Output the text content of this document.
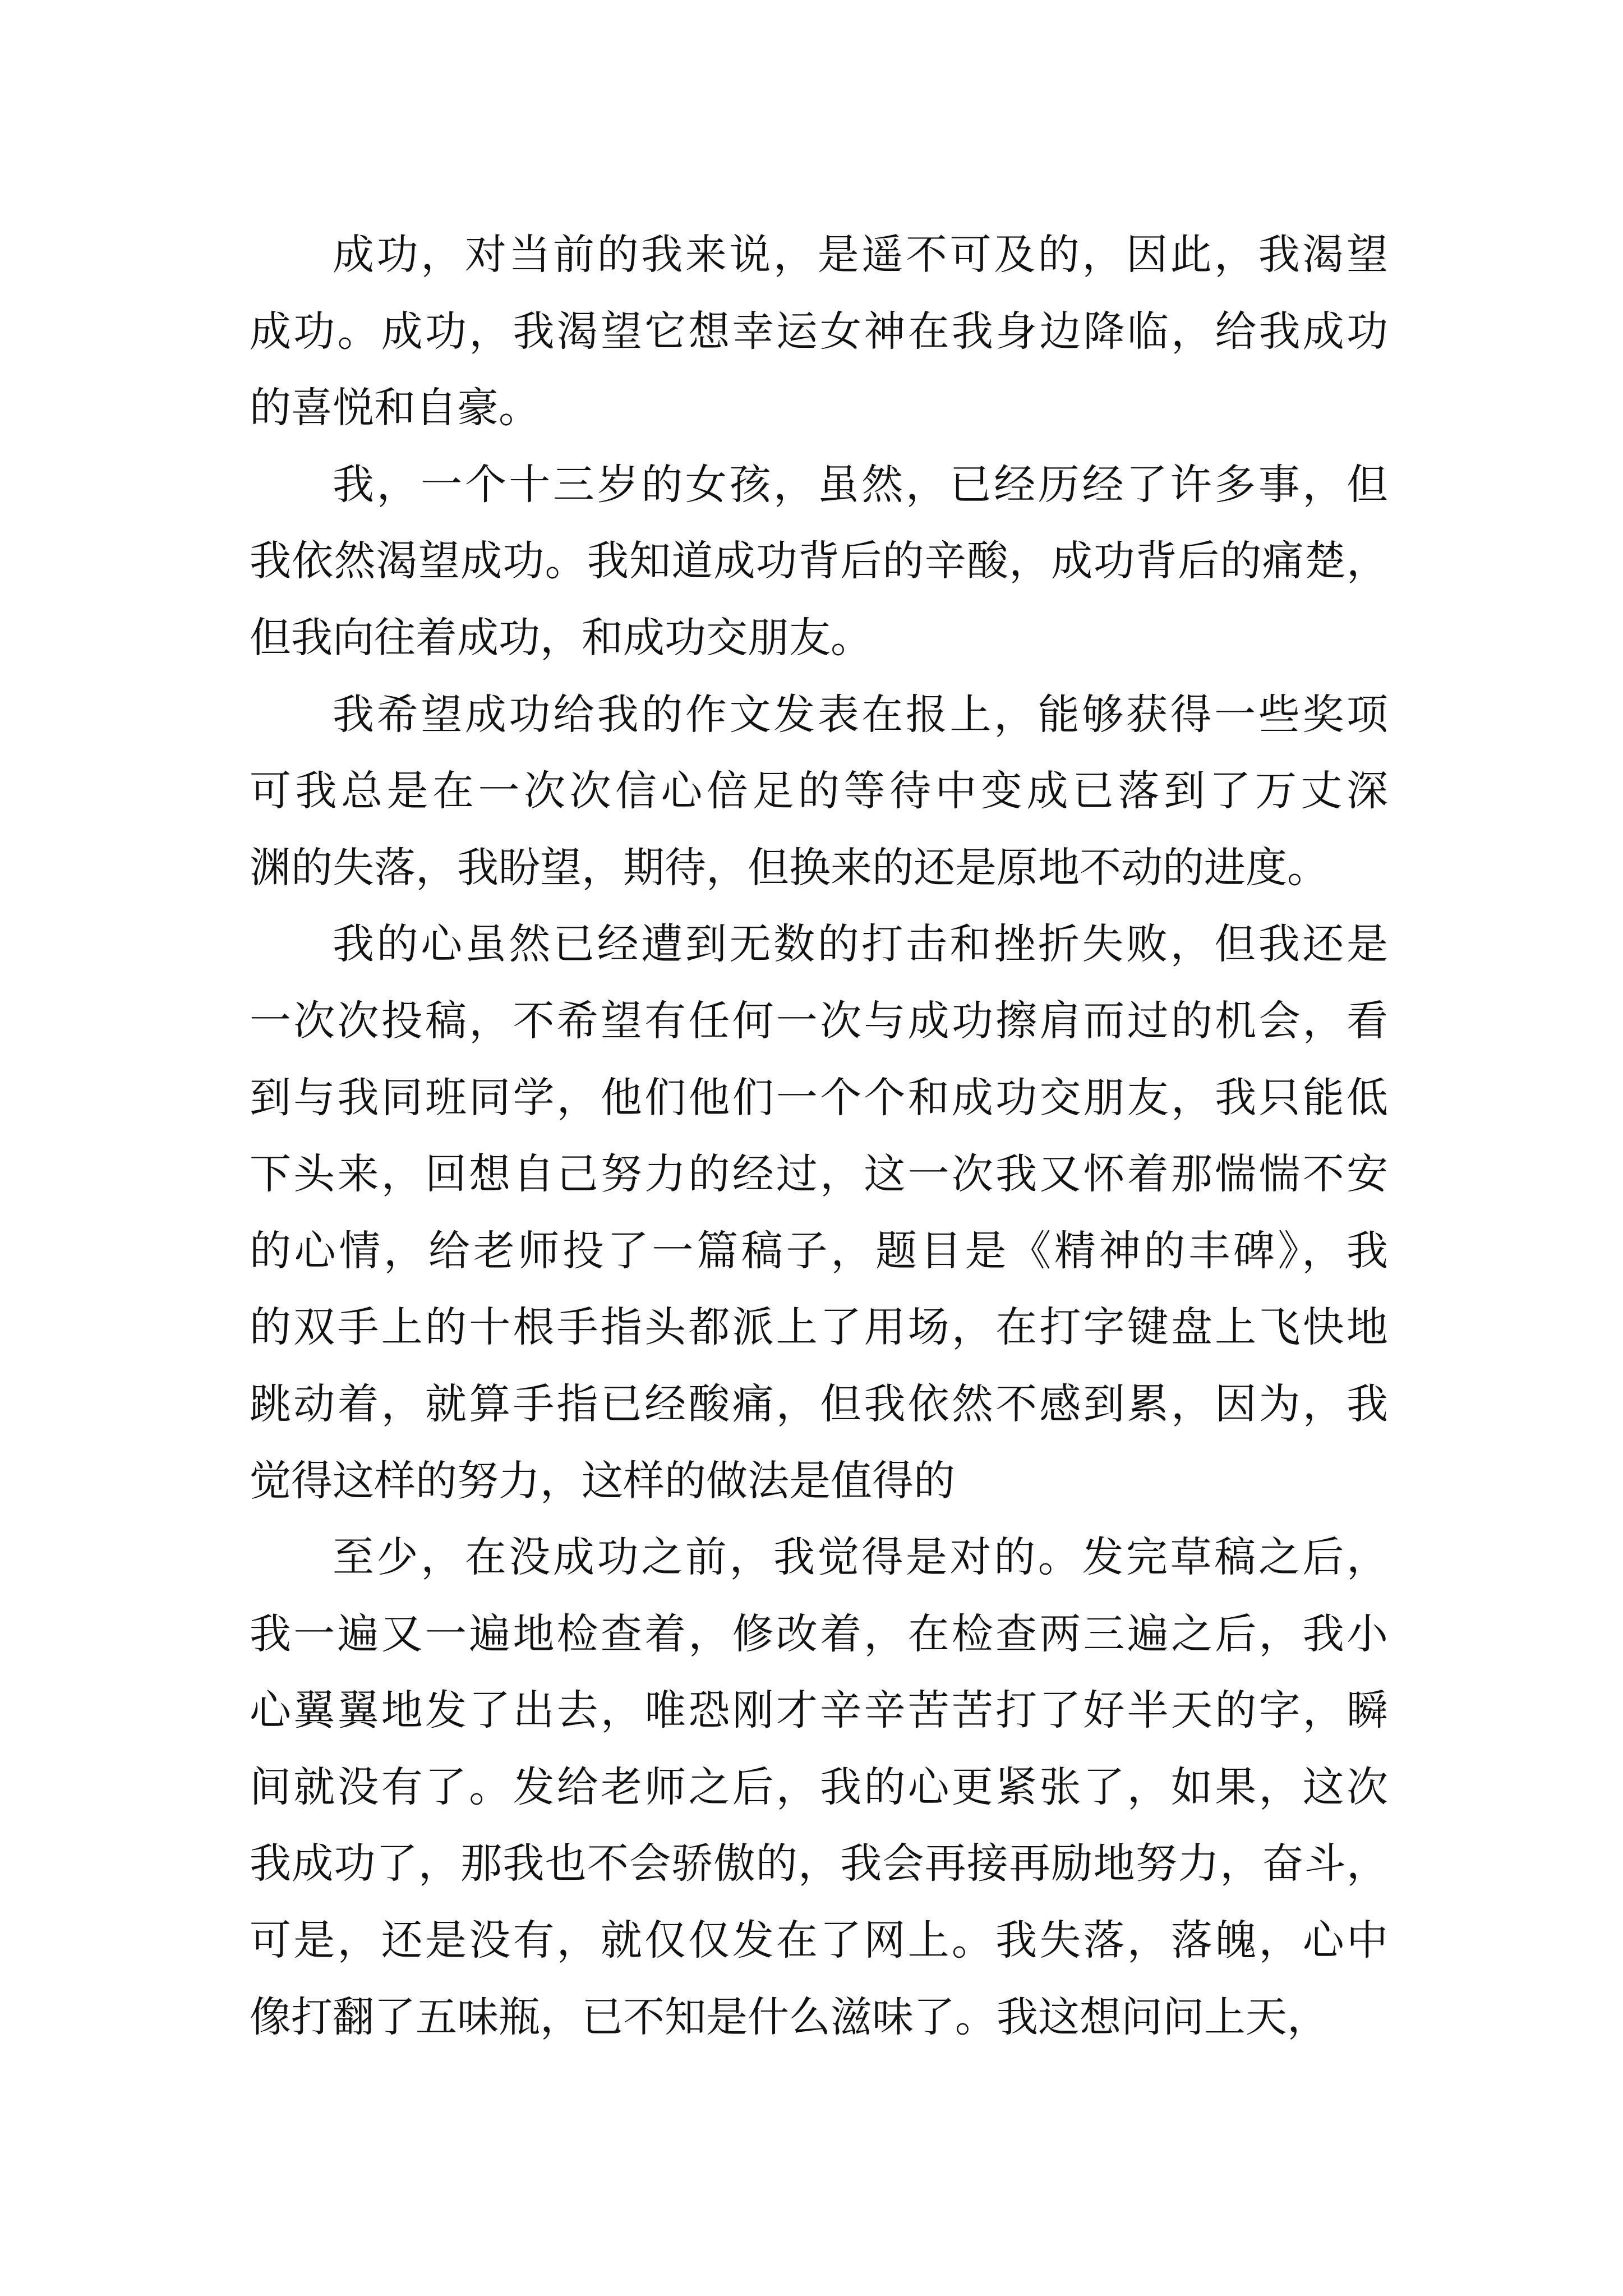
成功，对当前的我来说，是遥不可及的，因此，我渴望
成功。成功，我渴望它想幸运女神在我身边降临，给我成功
的喜悦和自豪。
我，一个十三岁的女孩，虽然，已经历经了许多事，但
我依然渴望成功。我知道成功背后的辛酸，成功背后的痛楚，
但我向往着成功，和成功交朋友。
我希望成功给我的作文发表在报上，能够获得一些奖项
可我总是在一次次信心倍足的等待中变成已落到了万丈深
渊的失落，我盼望，期待，但换来的还是原地不动的进度。
我的心虽然已经遭到无数的打击和挫折失败，但我还是
一次次投稿，不希望有任何一次与成功擦肩而过的机会，看
到与我同班同学，他们他们一个个和成功交朋友，我只能低
下头来，回想自己努力的经过，这一次我又怀着那惴惴不安
的心情，给老师投了一篇稿子，题目是《精神的丰碑》，我
的双手上的十根手指头都派上了用场，在打字键盘上飞快地
跳动着，就算手指已经酸痛，但我依然不感到累，因为，我
觉得这样的努力，这样的做法是值得的
至少，在没成功之前，我觉得是对的。发完草稿之后，
我一遍又一遍地检查着，修改着，在检查两三遍之后，我小
心翼翼地发了出去，唯恐刚才辛辛苦苦打了好半天的字，瞬
间就没有了。发给老师之后，我的心更紧张了，如果，这次
我成功了，那我也不会骄傲的，我会再接再励地努力，奋斗，
可是，还是没有，就仅仅发在了网上。我失落，落魄，心中
像打翻了五味瓶，已不知是什么滋味了。我这想问问上天，
